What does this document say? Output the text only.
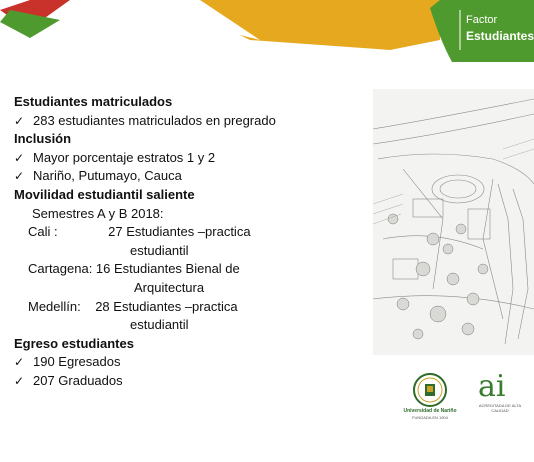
Factor
Estudiantes
Estudiantes matriculados
✓ 283 estudiantes matriculados en pregrado
Inclusión
✓ Mayor porcentaje estratos 1 y 2
✓ Nariño, Putumayo, Cauca
Movilidad estudiantil saliente
Semestres A y B 2018:
Cali :              27 Estudiantes –practica
estudiantil
Cartagena: 16 Estudiantes Bienal de
Arquitectura
Medellín:    28 Estudiantes –practica
estudiantil
Egreso estudiantes
✓ 190 Egresados
✓ 207 Graduados
Universidad de Nariño
FUNDADA EN 1904
ai
ACREDITADA DE ALTA CALIDAD
